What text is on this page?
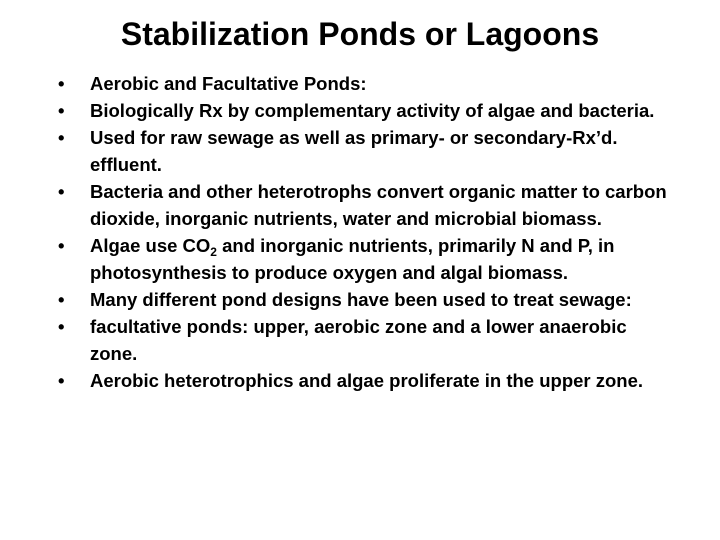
Stabilization Ponds or Lagoons
•	Aerobic and Facultative Ponds:
•	Biologically Rx by complementary activity of algae and bacteria.
•	Used for raw sewage as well as primary‑ or secondary‑Rx’d. effluent.
•	Bacteria and other heterotrophs convert organic matter to carbon dioxide, inorganic nutrients, water and microbial biomass.
•	Algae use $CO_2$ and inorganic nutrients, primarily N and P, in photosynthesis to produce oxygen and algal biomass.
•	Many different pond designs have been used to treat sewage:
•	facultative ponds: upper, aerobic zone and a lower anaerobic zone.
•	Aerobic heterotrophics and algae proliferate in the upper zone.
